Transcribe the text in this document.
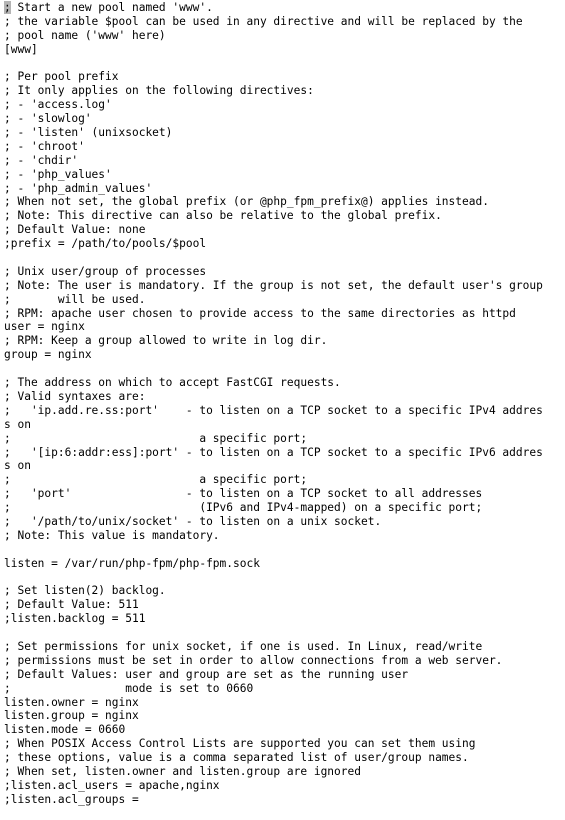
; Start a new pool named 'www'.
; the variable $pool can be used in any directive and will be replaced by the
; pool name ('www' here)
[www]
; Per pool prefix
; It only applies on the following directives:
; - 'access.log'
; - 'slowlog'
; - 'listen' (unixsocket)
; - 'chroot'
; - 'chdir'
; - 'php_values'
; - 'php_admin_values'
; When not set, the global prefix (or @php_fpm_prefix@) applies instead.
; Note: This directive can also be relative to the global prefix.
; Default Value: none
;prefix = /path/to/pools/$pool
; Unix user/group of processes
; Note: The user is mandatory. If the group is not set, the default user's group
;       will be used.
; RPM: apache user chosen to provide access to the same directories as httpd
user = nginx
; RPM: Keep a group allowed to write in log dir.
group = nginx
; The address on which to accept FastCGI requests.
; Valid syntaxes are:
;   'ip.add.re.ss:port'    - to listen on a TCP socket to a specific IPv4 addres
s on
;                            a specific port;
;   '[ip:6:addr:ess]:port' - to listen on a TCP socket to a specific IPv6 addres
s on
;                            a specific port;
;   'port'                 - to listen on a TCP socket to all addresses
;                            (IPv6 and IPv4-mapped) on a specific port;
;   '/path/to/unix/socket' - to listen on a unix socket.
; Note: This value is mandatory.
listen = /var/run/php-fpm/php-fpm.sock
; Set listen(2) backlog.
; Default Value: 511
;listen.backlog = 511
; Set permissions for unix socket, if one is used. In Linux, read/write
; permissions must be set in order to allow connections from a web server.
; Default Values: user and group are set as the running user
;                 mode is set to 0660
listen.owner = nginx
listen.group = nginx
listen.mode = 0660
; When POSIX Access Control Lists are supported you can set them using
; these options, value is a comma separated list of user/group names.
; When set, listen.owner and listen.group are ignored
;listen.acl_users = apache,nginx
;listen.acl_groups =
